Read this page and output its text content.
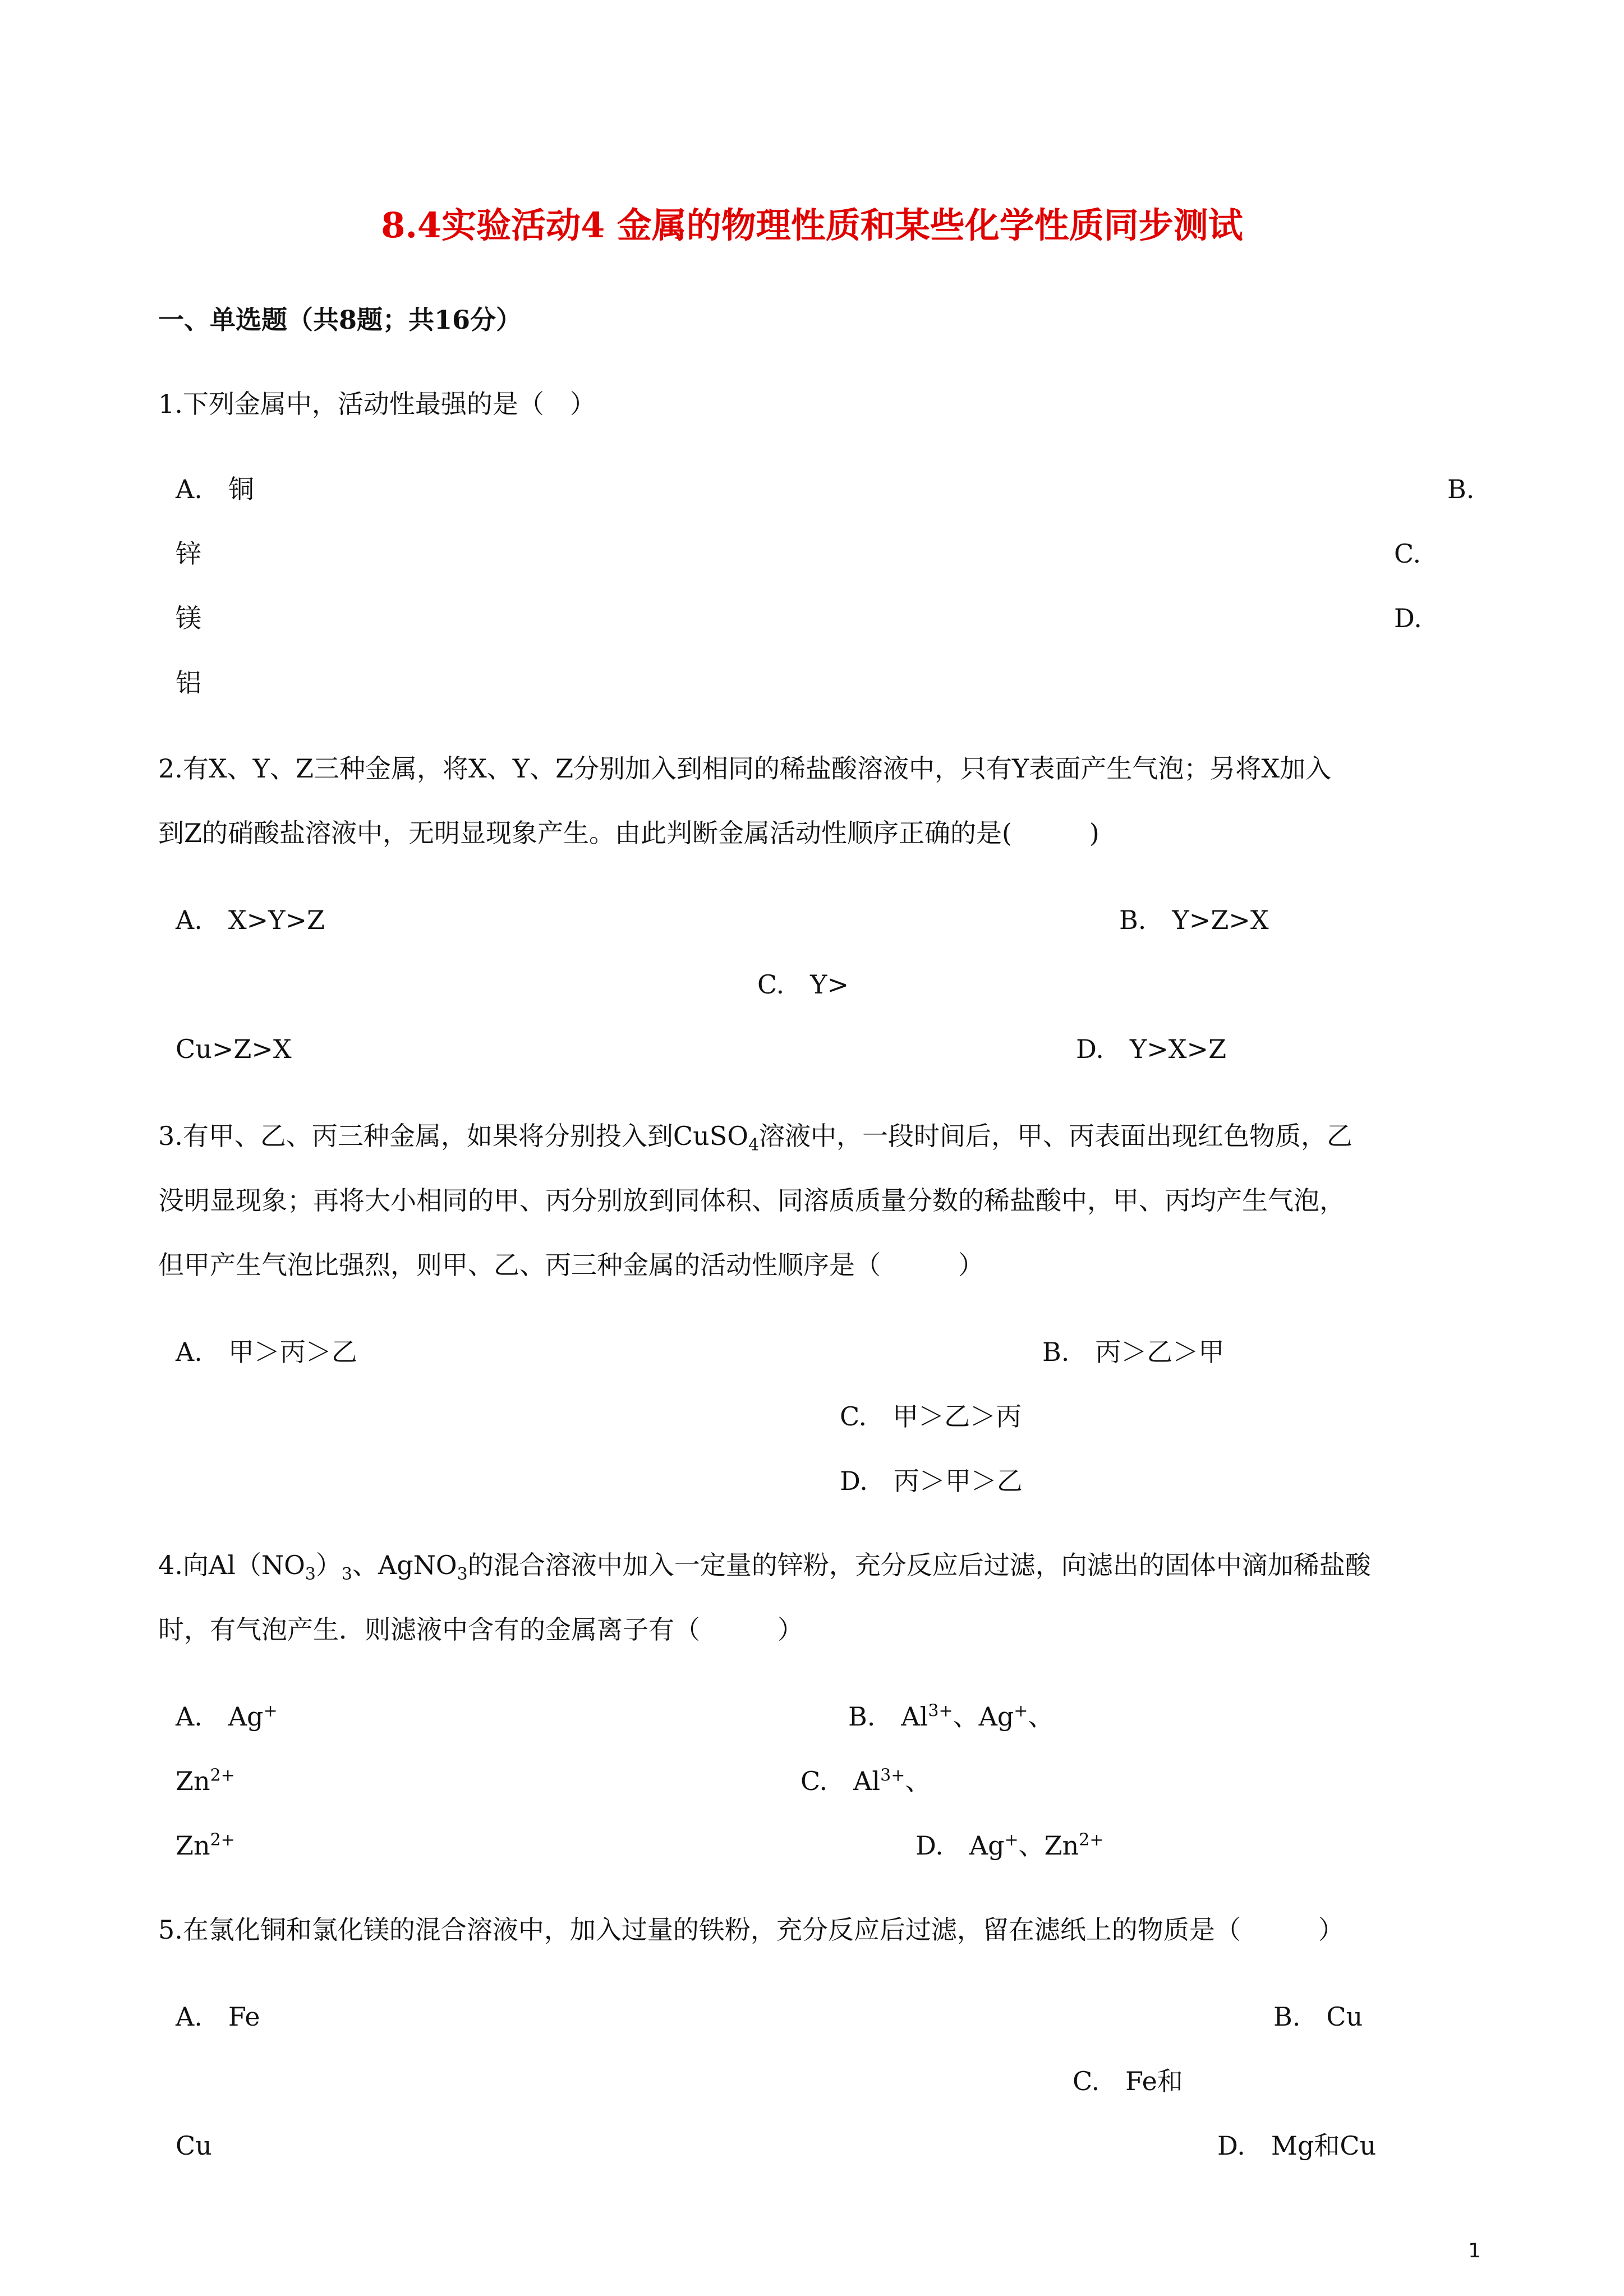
8.4实验活动4 金属的物理性质和某些化学性质同步测试
一、单选题（共8题；共16分）
1.下列金属中，活动性最强的是（　）
A.　铜	B.
锌	C.
镁	D.
铝
2.有X、Y、Z三种金属，将X、Y、Z分别加入到相同的稀盐酸溶液中，只有Y表面产生气泡；另将X加入
到Z的硝酸盐溶液中，无明显现象产生。由此判断金属活动性顺序正确的是(　　　)
A.　X>Y>Z	B.　Y>Z>X
C.　Y>
Cu>Z>X	D.　Y>X>Z
3.有甲、乙、丙三种金属，如果将分别投入到CuSO$_4$溶液中，一段时间后，甲、丙表面出现红色物质，乙
没明显现象；再将大小相同的甲、丙分别放到同体积、同溶质质量分数的稀盐酸中，甲、丙均产生气泡，
但甲产生气泡比强烈，则甲、乙、丙三种金属的活动性顺序是（　　　）
A.　甲＞丙＞乙	B.　丙＞乙＞甲
C.　甲＞乙＞丙
D.　丙＞甲＞乙
4.向$Al(NO_3)_3$、AgNO$_3$的混合溶液中加入一定量的锌粉，充分反应后过滤，向滤出的固体中滴加稀盐酸
时，有气泡产生．则滤液中含有的金属离子有（　　　）
A.　Ag+	B.　$Al^{3+}$、Ag+、
$Zn^{2+}$	C.　$Al^{3+}$、
$Zn^{2+}$	D.　Ag+、$Zn^{2+}$
5.在氯化铜和氯化镁的混合溶液中，加入过量的铁粉，充分反应后过滤，留在滤纸上的物质是（　　　）
A.　Fe	B.　Cu
C.　Fe和
Cu	D.　Mg和Cu
1
